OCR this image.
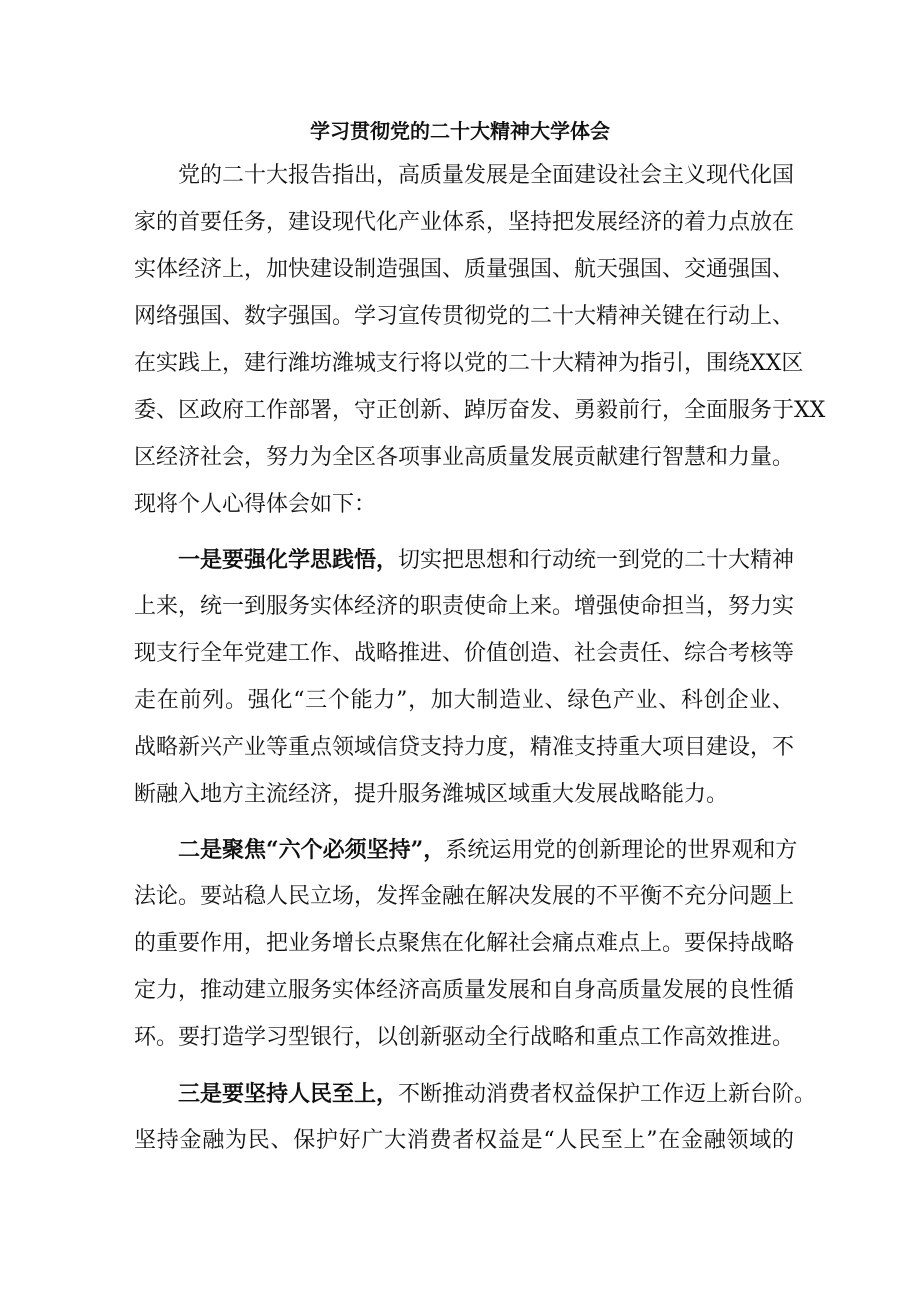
学习贯彻党的二十大精神大学体会
党的二十大报告指出，高质量发展是全面建设社会主义现代化国
家的首要任务，建设现代化产业体系，坚持把发展经济的着力点放在
实体经济上，加快建设制造强国、质量强国、航天强国、交通强国、
网络强国、数字强国。学习宣传贯彻党的二十大精神关键在行动上、
在实践上，建行潍坊潍城支行将以党的二十大精神为指引，围绕XX区
委、区政府工作部署，守正创新、踔厉奋发、勇毅前行，全面服务于XX
区经济社会，努力为全区各项事业高质量发展贡献建行智慧和力量。
现将个人心得体会如下：
一是要强化学思践悟，切实把思想和行动统一到党的二十大精神
上来，统一到服务实体经济的职责使命上来。增强使命担当，努力实
现支行全年党建工作、战略推进、价值创造、社会责任、综合考核等
走在前列。强化“三个能力”，加大制造业、绿色产业、科创企业、
战略新兴产业等重点领域信贷支持力度，精准支持重大项目建设，不
断融入地方主流经济，提升服务潍城区域重大发展战略能力。
二是聚焦“六个必须坚持”，系统运用党的创新理论的世界观和方
法论。要站稳人民立场，发挥金融在解决发展的不平衡不充分问题上
的重要作用，把业务增长点聚焦在化解社会痛点难点上。要保持战略
定力，推动建立服务实体经济高质量发展和自身高质量发展的良性循
环。要打造学习型银行，以创新驱动全行战略和重点工作高效推进。
三是要坚持人民至上，不断推动消费者权益保护工作迈上新台阶。
坚持金融为民、保护好广大消费者权益是“人民至上”在金融领域的
